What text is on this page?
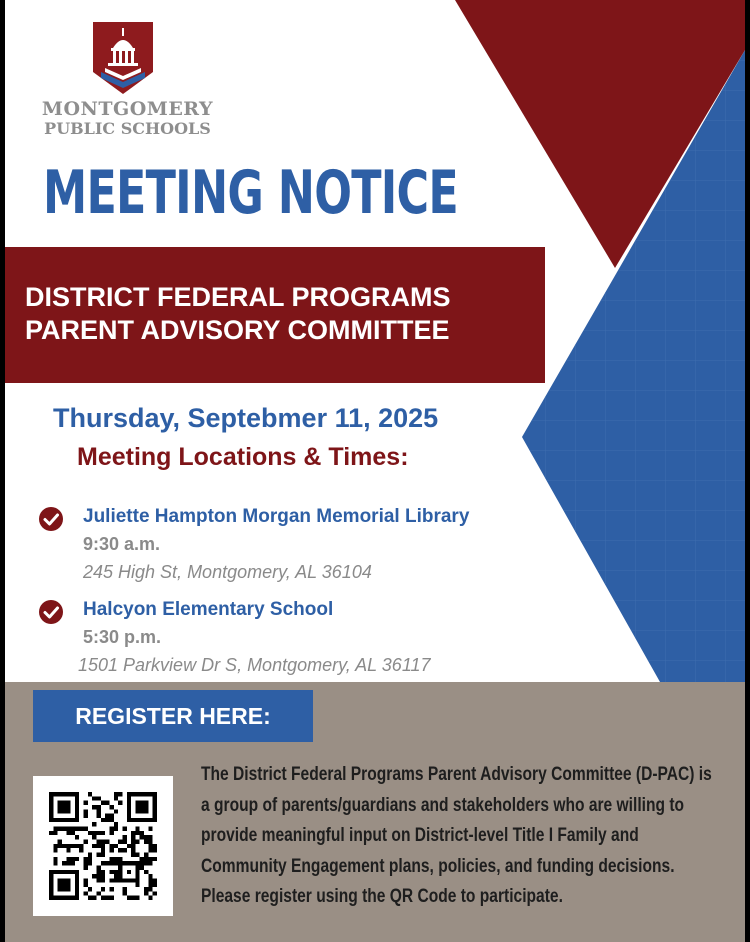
MONTGOMERY
PUBLIC SCHOOLS
MEETING NOTICE
DISTRICT FEDERAL PROGRAMS
PARENT ADVISORY COMMITTEE
Thursday, Septebmer 11, 2025
Meeting Locations & Times:
Juliette Hampton Morgan Memorial Library
9:30 a.m.
245 High St, Montgomery, AL 36104
Halcyon Elementary School
5:30 p.m.
1501 Parkview Dr S, Montgomery, AL 36117
REGISTER HERE:
The District Federal Programs Parent Advisory Committee (D-PAC) is
a group of parents/guardians and stakeholders who are willing to
provide meaningful input on District-level Title I Family and
Community Engagement plans, policies, and funding decisions.
Please register using the QR Code to participate.
